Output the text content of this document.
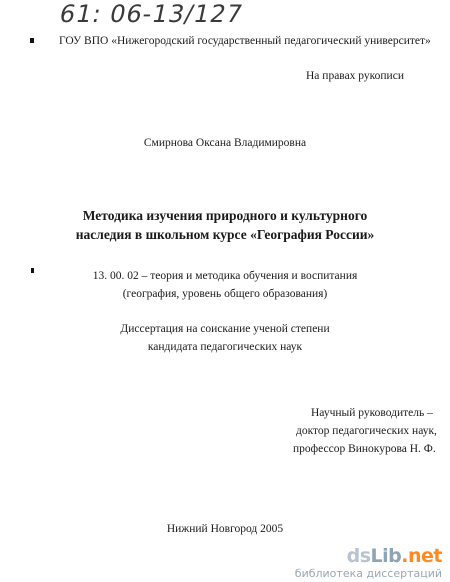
61: 06-13/127
ГОУ ВПО «Нижегородский государственный педагогический университет»
На правах рукописи
Смирнова Оксана Владимировна
Методика изучения природного и культурного
наследия в школьном курсе «География России»
13. 00. 02 – теория и методика обучения и воспитания
(география, уровень общего образования)
Диссертация на соискание ученой степени
кандидата педагогических наук
Научный руководитель –
доктор педагогических наук,
профессор Винокурова Н. Ф.
Нижний Новгород 2005
dsLib.net
библиотека диссертаций
